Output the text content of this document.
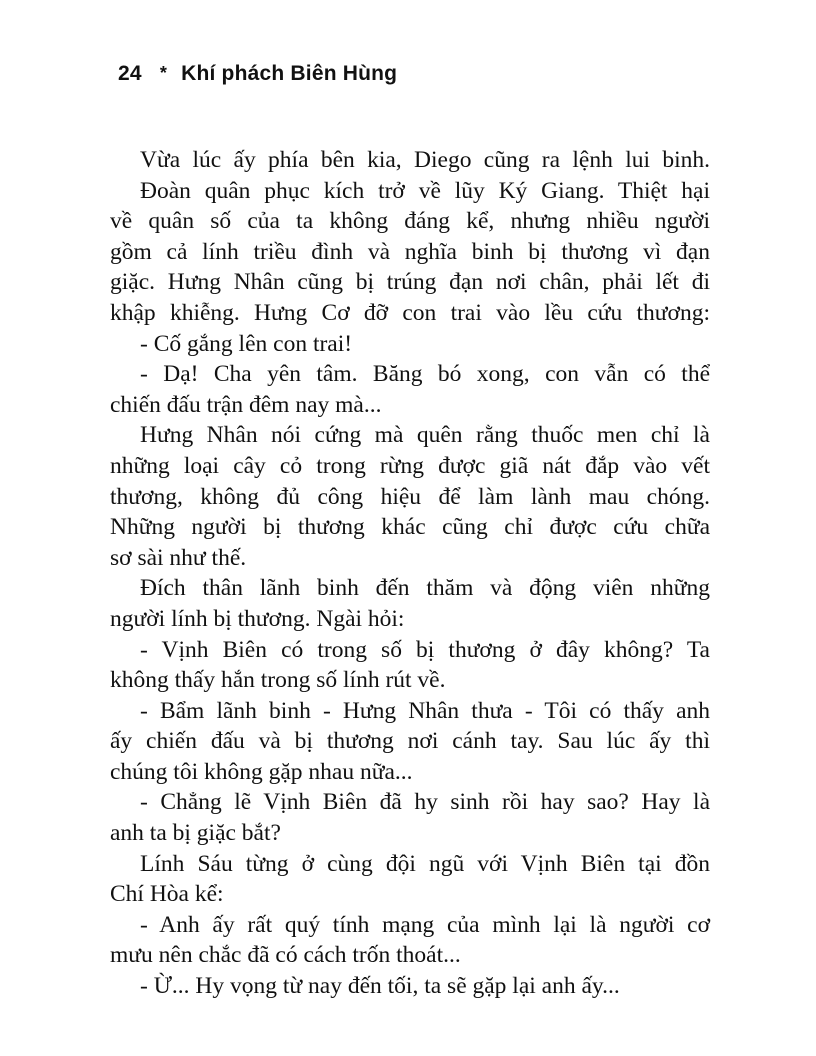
24 * Khí phách Biên Hùng
Vừa lúc ấy phía bên kia, Diego cũng ra lệnh lui binh.
Đoàn quân phục kích trở về lũy Ký Giang. Thiệt hại
về quân số của ta không đáng kể, nhưng nhiều người
gồm cả lính triều đình và nghĩa binh bị thương vì đạn
giặc. Hưng Nhân cũng bị trúng đạn nơi chân, phải lết đi
khập khiễng. Hưng Cơ đỡ con trai vào lều cứu thương:
- Cố gắng lên con trai!
- Dạ! Cha yên tâm. Băng bó xong, con vẫn có thể
chiến đấu trận đêm nay mà...
Hưng Nhân nói cứng mà quên rằng thuốc men chỉ là
những loại cây cỏ trong rừng được giã nát đắp vào vết
thương, không đủ công hiệu để làm lành mau chóng.
Những người bị thương khác cũng chỉ được cứu chữa
sơ sài như thế.
Đích thân lãnh binh đến thăm và động viên những
người lính bị thương. Ngài hỏi:
- Vịnh Biên có trong số bị thương ở đây không? Ta
không thấy hắn trong số lính rút về.
- Bẩm lãnh binh - Hưng Nhân thưa - Tôi có thấy anh
ấy chiến đấu và bị thương nơi cánh tay. Sau lúc ấy thì
chúng tôi không gặp nhau nữa...
- Chẳng lẽ Vịnh Biên đã hy sinh rồi hay sao? Hay là
anh ta bị giặc bắt?
Lính Sáu từng ở cùng đội ngũ với Vịnh Biên tại đồn
Chí Hòa kể:
- Anh ấy rất quý tính mạng của mình lại là người cơ
mưu nên chắc đã có cách trốn thoát...
- Ừ... Hy vọng từ nay đến tối, ta sẽ gặp lại anh ấy...
